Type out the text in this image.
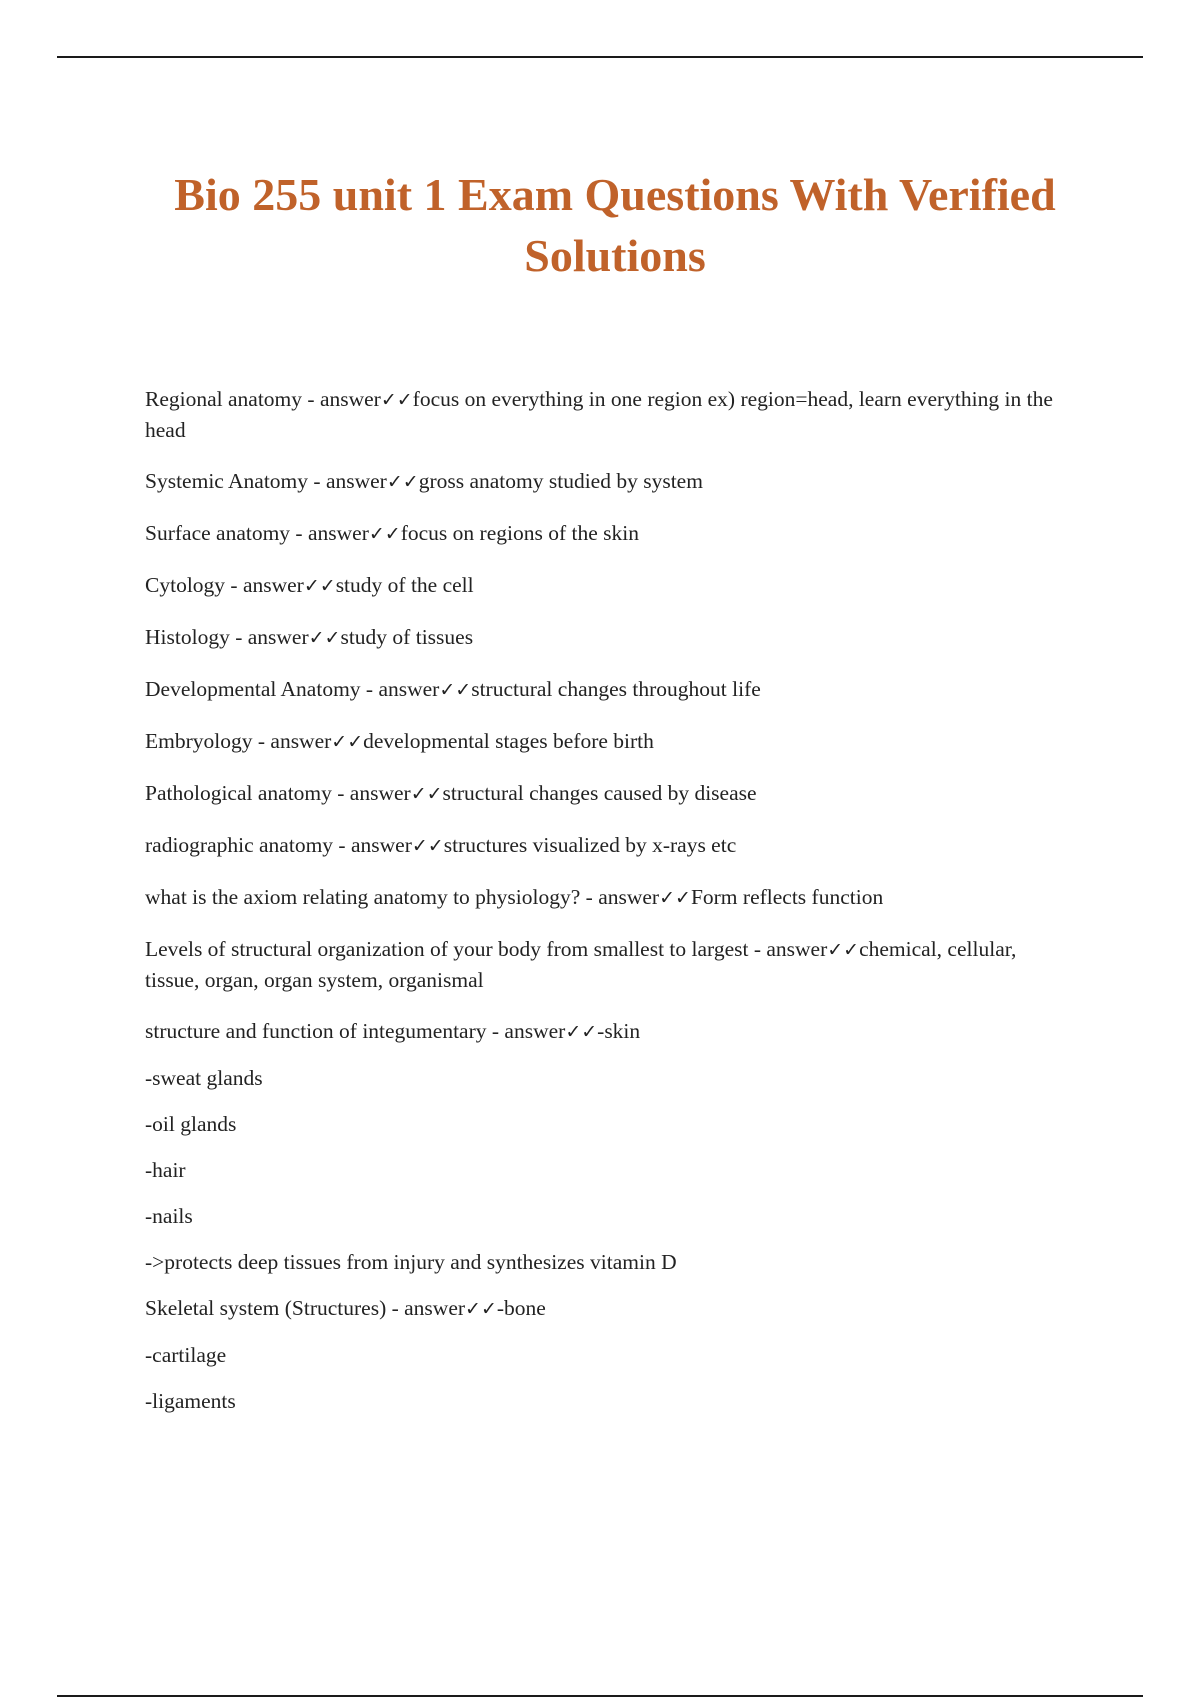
Bio 255 unit 1 Exam Questions With Verified Solutions
Regional anatomy - answer✓✓focus on everything in one region ex) region=head, learn everything in the head
Systemic Anatomy - answer✓✓gross anatomy studied by system
Surface anatomy - answer✓✓focus on regions of the skin
Cytology - answer✓✓study of the cell
Histology - answer✓✓study of tissues
Developmental Anatomy - answer✓✓structural changes throughout life
Embryology - answer✓✓developmental stages before birth
Pathological anatomy - answer✓✓structural changes caused by disease
radiographic anatomy - answer✓✓structures visualized by x-rays etc
what is the axiom relating anatomy to physiology? - answer✓✓Form reflects function
Levels of structural organization of your body from smallest to largest - answer✓✓chemical, cellular, tissue, organ, organ system, organismal
structure and function of integumentary - answer✓✓-skin
-sweat glands
-oil glands
-hair
-nails
->protects deep tissues from injury and synthesizes vitamin D
Skeletal system (Structures) - answer✓✓-bone
-cartilage
-ligaments
